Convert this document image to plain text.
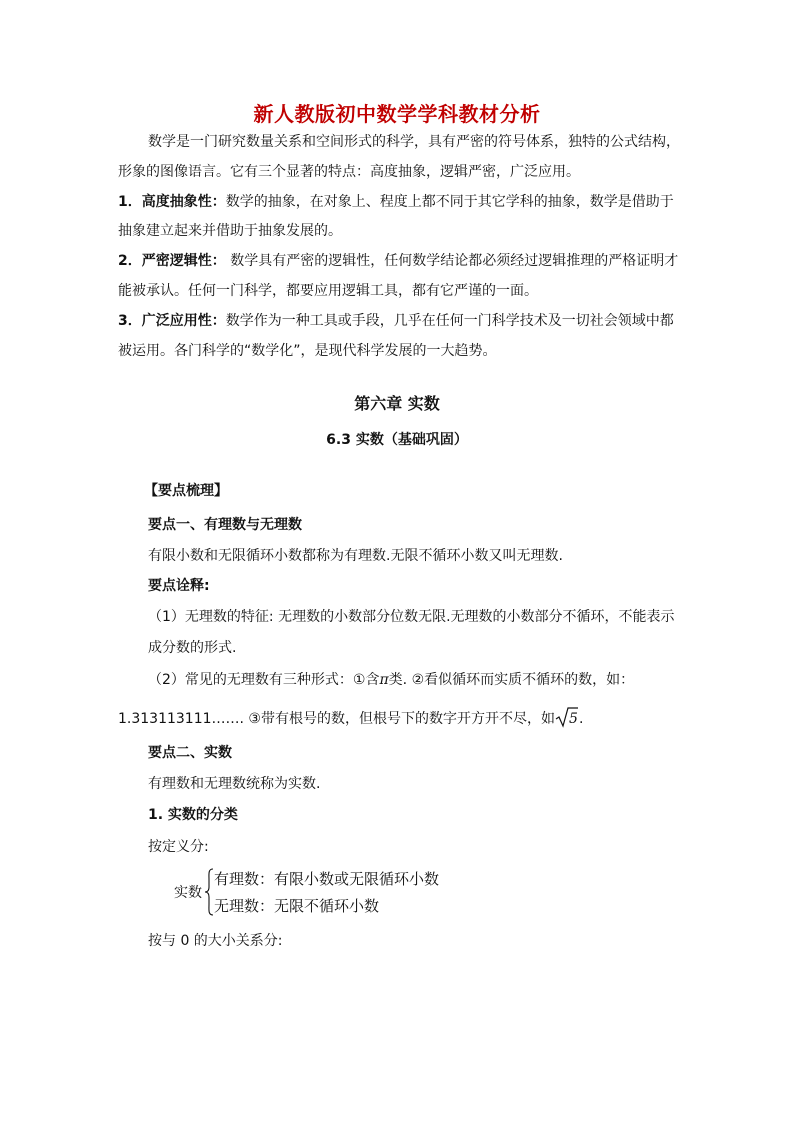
新人教版初中数学学科教材分析
数学是一门研究数量关系和空间形式的科学，具有严密的符号体系，独特的公式结构，
形象的图像语言。它有三个显著的特点：高度抽象，逻辑严密，广泛应用。
1．高度抽象性：数学的抽象，在对象上、程度上都不同于其它学科的抽象，数学是借助于
抽象建立起来并借助于抽象发展的。
2．严密逻辑性： 数学具有严密的逻辑性，任何数学结论都必须经过逻辑推理的严格证明才
能被承认。任何一门科学，都要应用逻辑工具，都有它严谨的一面。
3．广泛应用性：数学作为一种工具或手段，几乎在任何一门科学技术及一切社会领域中都
被运用。各门科学的“数学化”，是现代科学发展的一大趋势。
第六章 实数
6.3 实数（基础巩固）
【要点梳理】
要点一、有理数与无理数
有限小数和无限循环小数都称为有理数.无限不循环小数又叫无理数.
要点诠释:
（1）无理数的特征: 无理数的小数部分位数无限.无理数的小数部分不循环，不能表示
成分数的形式.
（2）常见的无理数有三种形式：①含π类. ②看似循环而实质不循环的数，如：
1.313113111……. ③带有根号的数，但根号下的数字开方开不尽，如 5 .
要点二、实数
有理数和无理数统称为实数.
1. 实数的分类
按定义分:
实数
有理数：有限小数或无限循环小数
无理数：无限不循环小数
按与 0 的大小关系分:
